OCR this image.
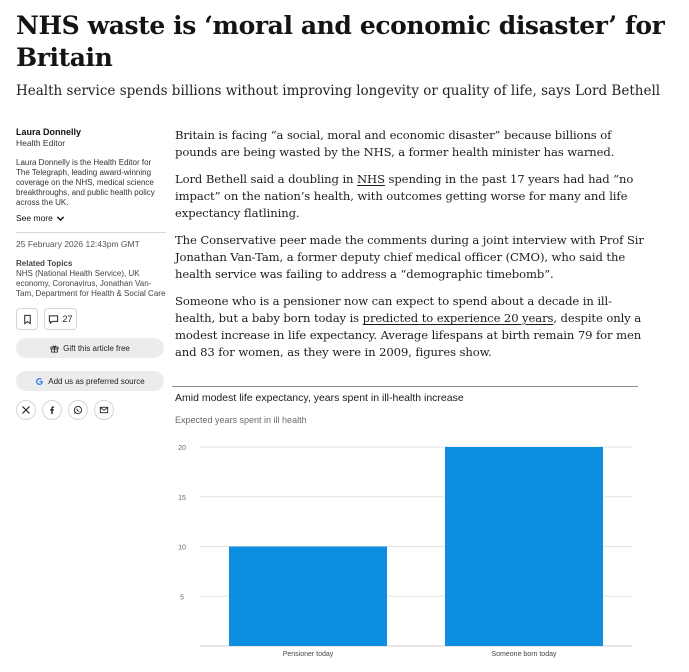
NHS waste is ‘moral and economic disaster’ for Britain
Health service spends billions without improving longevity or quality of life, says Lord Bethell
Laura Donnelly
Health Editor
Laura Donnelly is the Health Editor for The Telegraph, leading award-winning coverage on the NHS, medical science breakthroughs, and public health policy across the UK.
See more
25 February 2026 12:43pm GMT
Related Topics
NHS (National Health Service), UK economy, Coronavirus, Jonathan Van-Tam, Department for Health & Social Care
27
Gift this article free
Add us as preferred source

Britain is facing “a social, moral and economic disaster” because billions of pounds are being wasted by the NHS, a former health minister has warned.

Lord Bethell said a doubling in NHS spending in the past 17 years had had “no impact” on the nation’s health, with outcomes getting worse for many and life expectancy flatlining.

The Conservative peer made the comments during a joint interview with Prof Sir Jonathan Van-Tam, a former deputy chief medical officer (CMO), who said the health service was failing to address a “demographic timebomb”.

Someone who is a pensioner now can expect to spend about a decade in ill-health, but a baby born today is predicted to experience 20 years, despite only a modest increase in life expectancy. Average lifespans at birth remain 79 for men and 83 for women, as they were in 2009, figures show.

Amid modest life expectancy, years spent in ill-health increase
Expected years spent in ill health
5
10
15
20
Pensioner today	Someone born today
